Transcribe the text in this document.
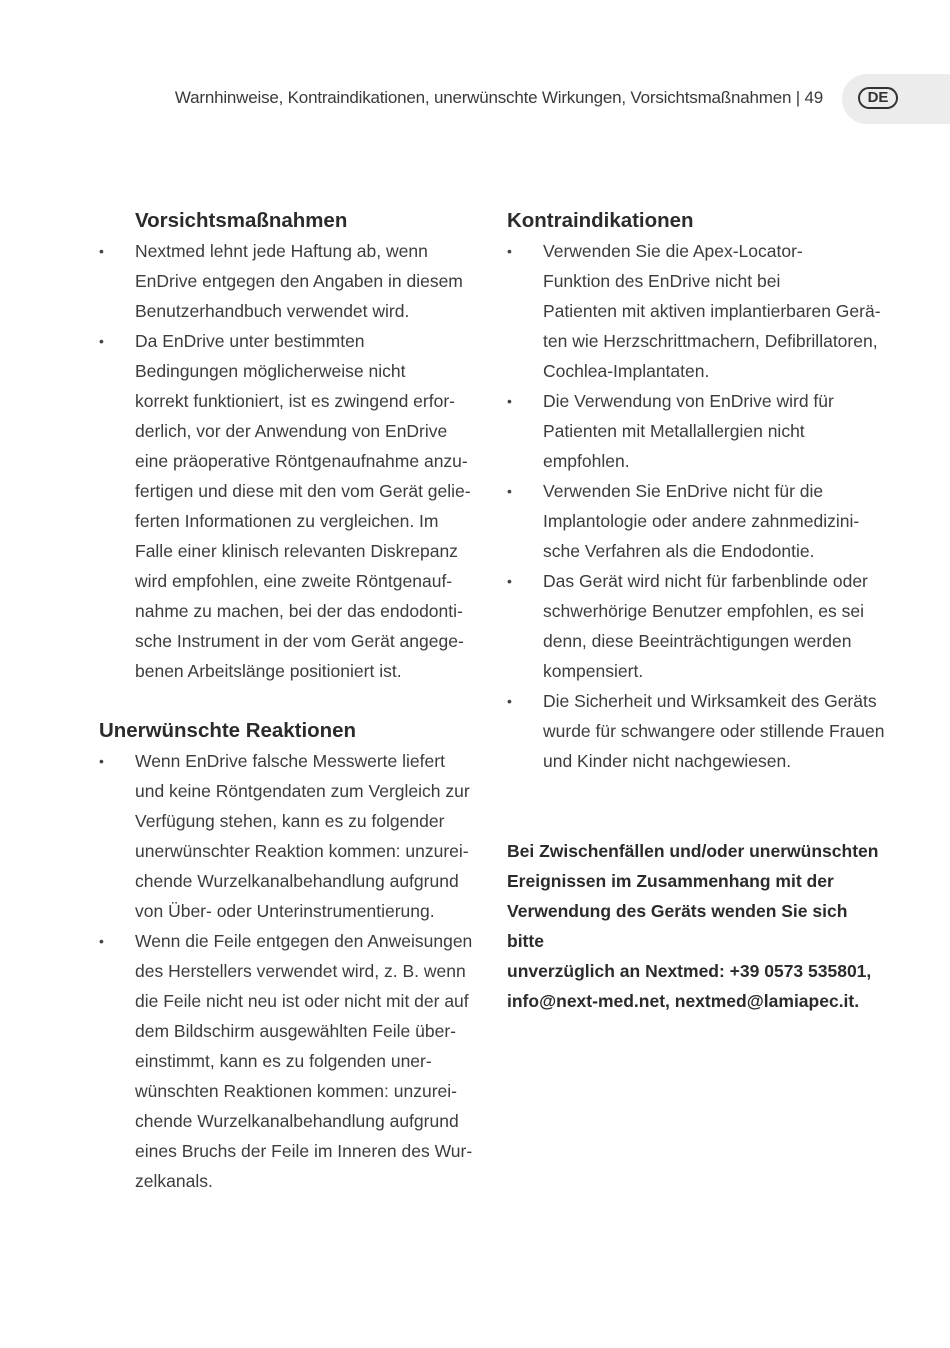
Warnhinweise, Kontraindikationen, unerwünschte Wirkungen, Vorsichtsmaßnahmen | 49	DE
Vorsichtsmaßnahmen
• Nextmed lehnt jede Haftung ab, wenn
EnDrive entgegen den Angaben in diesem
Benutzerhandbuch verwendet wird.
• Da EnDrive unter bestimmten
Bedingungen möglicherweise nicht
korrekt funktioniert, ist es zwingend erfor-
derlich, vor der Anwendung von EnDrive
eine präoperative Röntgenaufnahme anzu-
fertigen und diese mit den vom Gerät gelie-
ferten Informationen zu vergleichen. Im
Falle einer klinisch relevanten Diskrepanz
wird empfohlen, eine zweite Röntgenauf-
nahme zu machen, bei der das endodonti-
sche Instrument in der vom Gerät angege-
benen Arbeitslänge positioniert ist.
Unerwünschte Reaktionen
• Wenn EnDrive falsche Messwerte liefert
und keine Röntgendaten zum Vergleich zur
Verfügung stehen, kann es zu folgender
unerwünschter Reaktion kommen: unzurei-
chende Wurzelkanalbehandlung aufgrund
von Über- oder Unterinstrumentierung.
• Wenn die Feile entgegen den Anweisungen
des Herstellers verwendet wird, z. B. wenn
die Feile nicht neu ist oder nicht mit der auf
dem Bildschirm ausgewählten Feile über-
einstimmt, kann es zu folgenden uner-
wünschten Reaktionen kommen: unzurei-
chende Wurzelkanalbehandlung aufgrund
eines Bruchs der Feile im Inneren des Wur-
zelkanals.
Kontraindikationen
• Verwenden Sie die Apex-Locator-
Funktion des EnDrive nicht bei
Patienten mit aktiven implantierbaren Gerä-
ten wie Herzschrittmachern, Defibrillatoren,
Cochlea-Implantaten.
• Die Verwendung von EnDrive wird für
Patienten mit Metallallergien nicht
empfohlen.
• Verwenden Sie EnDrive nicht für die
Implantologie oder andere zahnmedizini-
sche Verfahren als die Endodontie.
• Das Gerät wird nicht für farbenblinde oder
schwerhörige Benutzer empfohlen, es sei
denn, diese Beeinträchtigungen werden
kompensiert.
• Die Sicherheit und Wirksamkeit des Geräts
wurde für schwangere oder stillende Frauen
und Kinder nicht nachgewiesen.
Bei Zwischenfällen und/oder unerwünschten
Ereignissen im Zusammenhang mit der
Verwendung des Geräts wenden Sie sich bitte
unverzüglich an Nextmed: +39 0573 535801,
info@next-med.net, nextmed@lamiapec.it.
